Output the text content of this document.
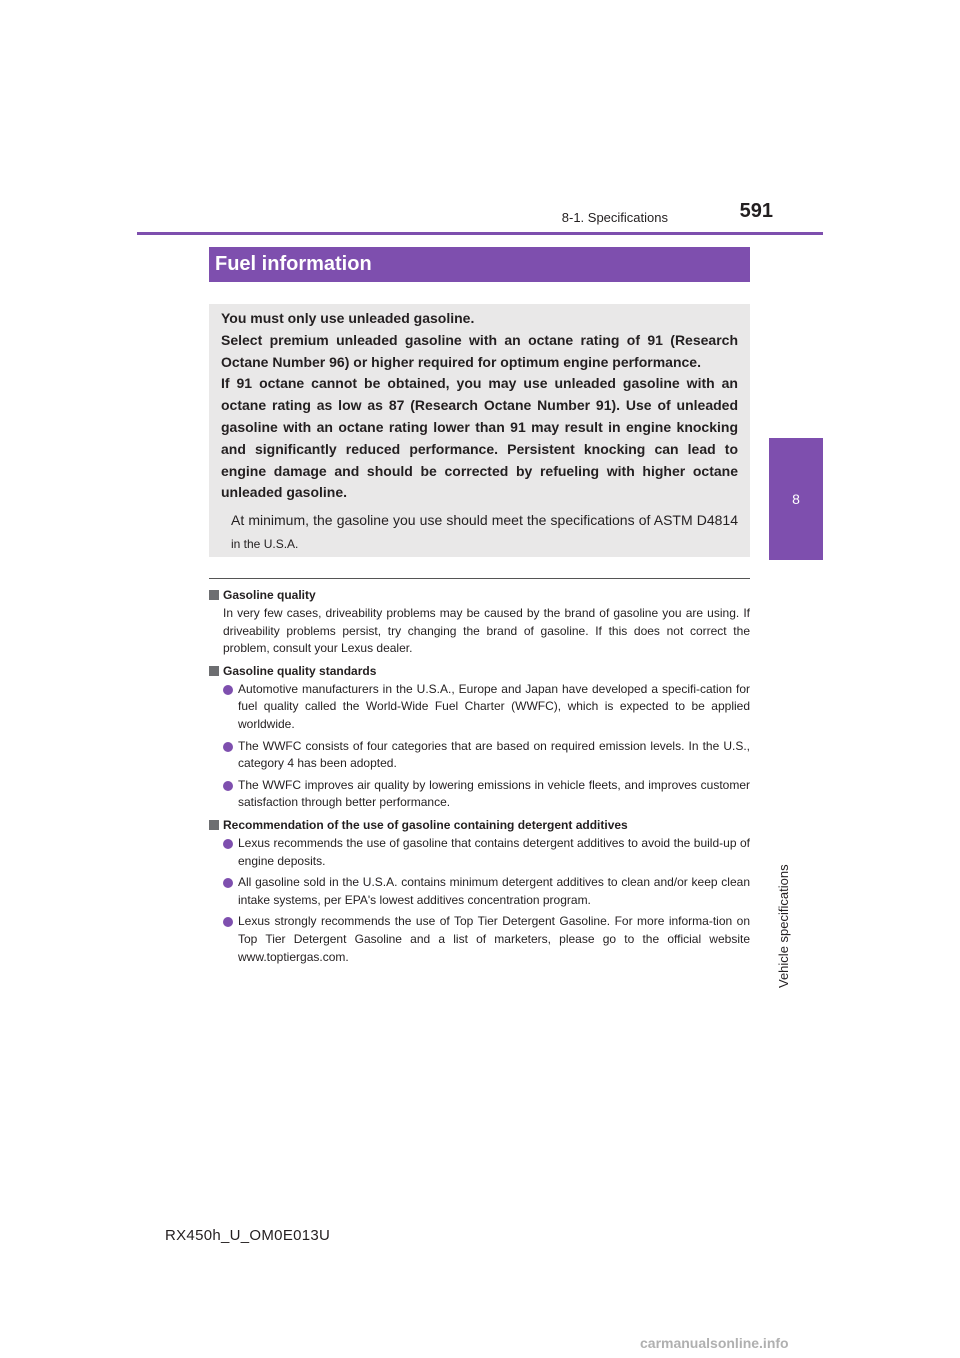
8-1. Specifications	591
8
Vehicle specifications
Fuel information
You must only use unleaded gasoline.
Select premium unleaded gasoline with an octane rating of 91 (Research Octane Number 96) or higher required for optimum engine performance.
If 91 octane cannot be obtained, you may use unleaded gasoline with an octane rating as low as 87 (Research Octane Number 91). Use of unleaded gasoline with an octane rating lower than 91 may result in engine knocking and significantly reduced performance. Persistent knocking can lead to engine damage and should be corrected by refueling with higher octane unleaded gasoline.
At minimum, the gasoline you use should meet the specifications of ASTM D4814 in the U.S.A.
Gasoline quality
In very few cases, driveability problems may be caused by the brand of gasoline you are using. If driveability problems persist, try changing the brand of gasoline. If this does not correct the problem, consult your Lexus dealer.
Gasoline quality standards
Automotive manufacturers in the U.S.A., Europe and Japan have developed a specifi-cation for fuel quality called the World-Wide Fuel Charter (WWFC), which is expected to be applied worldwide.
The WWFC consists of four categories that are based on required emission levels. In the U.S., category 4 has been adopted.
The WWFC improves air quality by lowering emissions in vehicle fleets, and improves customer satisfaction through better performance.
Recommendation of the use of gasoline containing detergent additives
Lexus recommends the use of gasoline that contains detergent additives to avoid the build-up of engine deposits.
All gasoline sold in the U.S.A. contains minimum detergent additives to clean and/or keep clean intake systems, per EPA's lowest additives concentration program.
Lexus strongly recommends the use of Top Tier Detergent Gasoline. For more informa-tion on Top Tier Detergent Gasoline and a list of marketers, please go to the official website www.toptiergas.com.
RX450h_U_OM0E013U
carmanualsonline.info
